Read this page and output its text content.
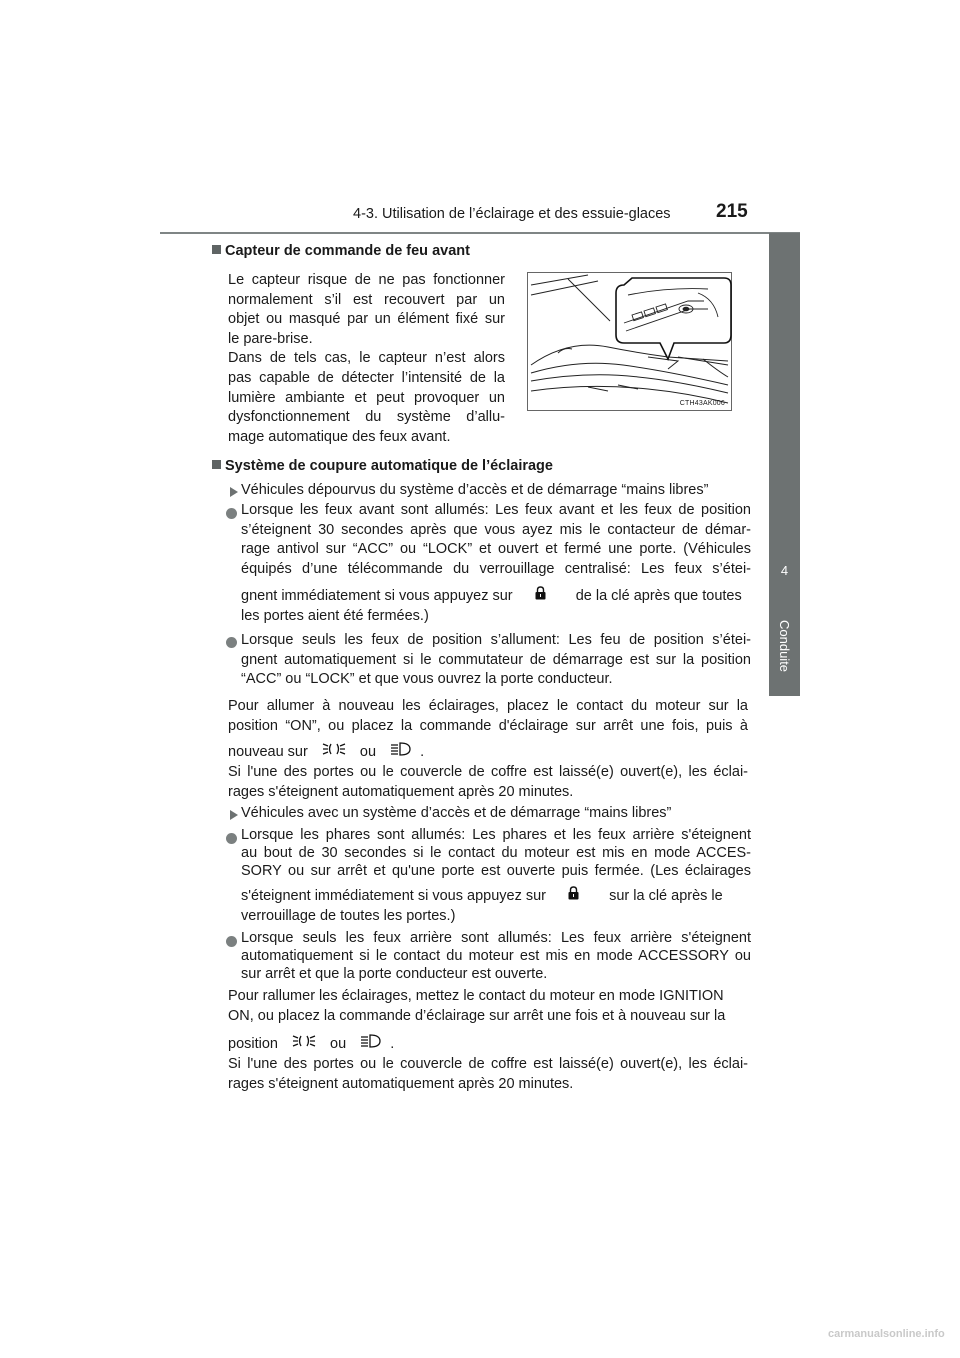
4-3. Utilisation de l’éclairage et des essuie-glaces 215
4
Conduite
Capteur de commande de feu avant
Le capteur risque de ne pas fonctionner
normalement s’il est recouvert par un
objet ou masqué par un élément fixé sur
le pare-brise.
Dans de tels cas, le capteur n’est alors
pas capable de détecter l’intensité de la
lumière ambiante et peut provoquer un
dysfonctionnement du système d’allu-
mage automatique des feux avant.
CTH43AK006
Système de coupure automatique de l’éclairage
Véhicules dépourvus du système d’accès et de démarrage “mains libres”
Lorsque les feux avant sont allumés: Les feux avant et les feux de position
s’éteignent 30 secondes après que vous ayez mis le contacteur de démar-
rage antivol sur “ACC” ou “LOCK” et ouvert et fermé une porte. (Véhicules
équipés d’une télécommande du verrouillage centralisé: Les feux s’étei-
gnent immédiatement si vous appuyez sur	de la clé après que toutes
les portes aient été fermées.)
Lorsque seuls les feux de position s’allument: Les feu de position s’étei-
gnent automatiquement si le commutateur de démarrage est sur la position
“ACC” ou “LOCK” et que vous ouvrez la porte conducteur.
Pour allumer à nouveau les éclairages, placez le contact du moteur sur la
position “ON”, ou placez la commande d'éclairage sur arrêt une fois, puis à
nouveau sur	ou	.
Si l'une des portes ou le couvercle de coffre est laissé(e) ouvert(e), les éclai-
rages s'éteignent automatiquement après 20 minutes.
Véhicules avec un système d’accès et de démarrage “mains libres”
Lorsque les phares sont allumés: Les phares et les feux arrière s'éteignent
au bout de 30 secondes si le contact du moteur est mis en mode ACCES-
SORY ou sur arrêt et qu'une porte est ouverte puis fermée. (Les éclairages
s'éteignent immédiatement si vous appuyez sur	sur la clé après le
verrouillage de toutes les portes.)
Lorsque seuls les feux arrière sont allumés: Les feux arrière s'éteignent
automatiquement si le contact du moteur est mis en mode ACCESSORY ou
sur arrêt et que la porte conducteur est ouverte.
Pour rallumer les éclairages, mettez le contact du moteur en mode IGNITION
ON, ou placez la commande d’éclairage sur arrêt une fois et à nouveau sur la
position	ou	.
Si l'une des portes ou le couvercle de coffre est laissé(e) ouvert(e), les éclai-
rages s'éteignent automatiquement après 20 minutes.
carmanualsonline.info
